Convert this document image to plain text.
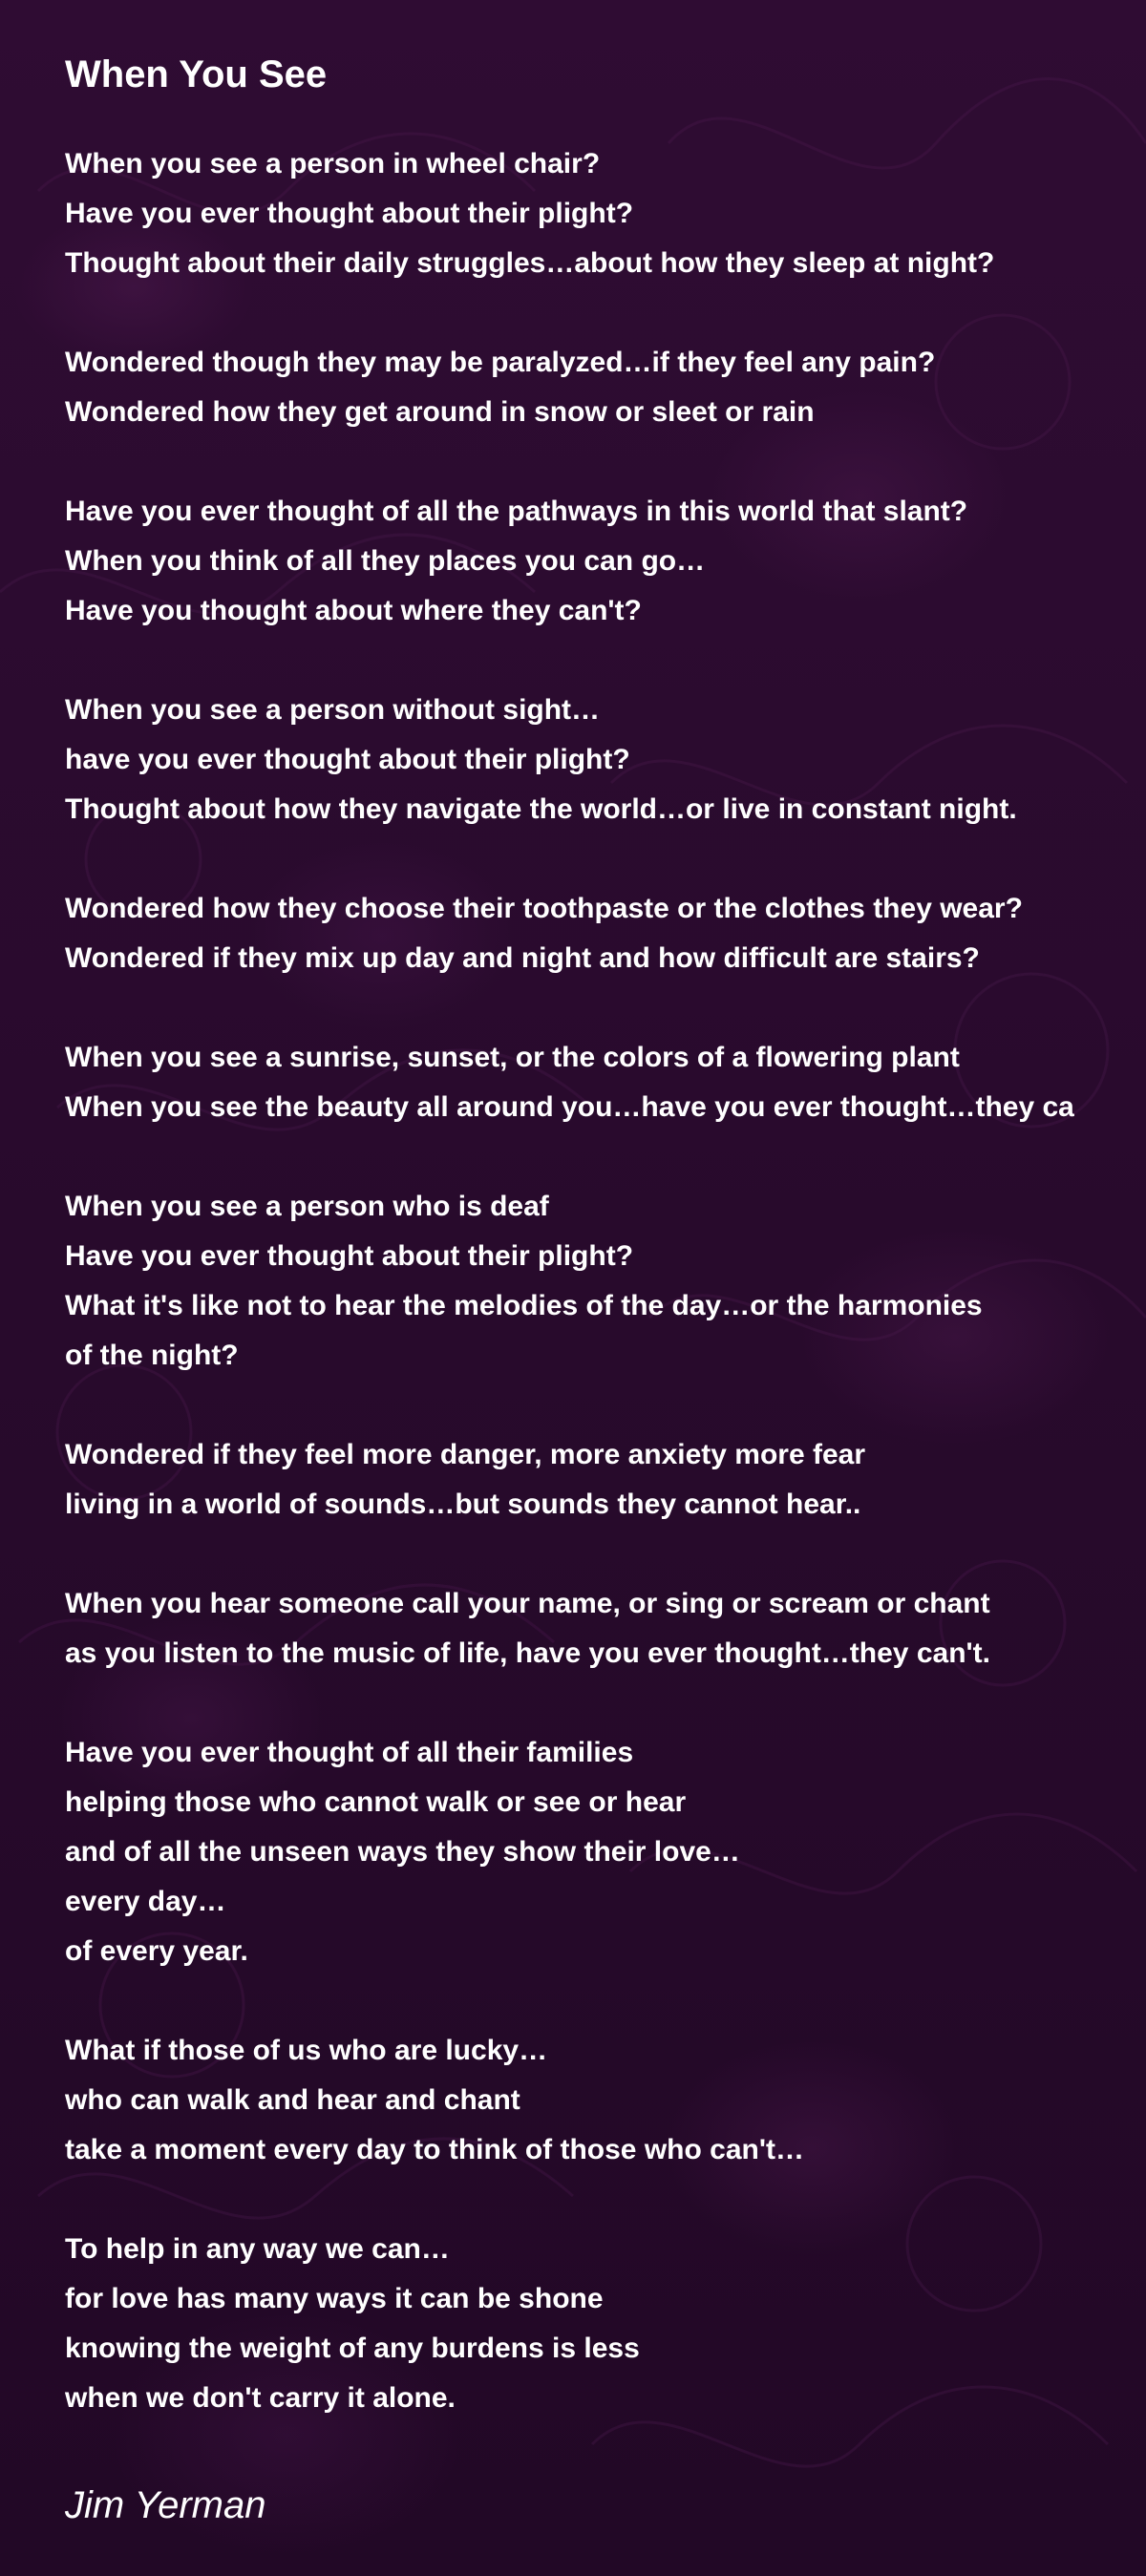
When You See
When you see a person in wheel chair?
Have you ever thought about their plight?
Thought about their daily struggles…about how they sleep at night?
Wondered though they may be paralyzed…if they feel any pain?
Wondered how they get around in snow or sleet or rain
Have you ever thought of all the pathways in this world that slant?
When you think of all they places you can go…
Have you thought about where they can't?
When you see a person without sight…
have you ever thought about their plight?
Thought about how they navigate the world…or live in constant night.
Wondered how they choose their toothpaste or the clothes they wear?
Wondered if they mix up day and night and how difficult are stairs?
When you see a sunrise, sunset, or the colors of a flowering plant
When you see the beauty all around you…have you ever thought…they ca
When you see a person who is deaf
Have you ever thought about their plight?
What it's like not to hear the melodies of the day…or the harmonies
of the night?
Wondered if they feel more danger, more anxiety more fear
living in a world of sounds…but sounds they cannot hear..
When you hear someone call your name, or sing or scream or chant
as you listen to the music of life, have you ever thought…they can't.
Have you ever thought of all their families
helping those who cannot walk or see or hear
and of all the unseen ways they show their love…
every day…
of every year.
What if those of us who are lucky…
who can walk and hear and chant
take a moment every day to think of those who can't…
To help in any way we can…
for love has many ways it can be shone
knowing the weight of any burdens is less
when we don't carry it alone.
Jim Yerman
